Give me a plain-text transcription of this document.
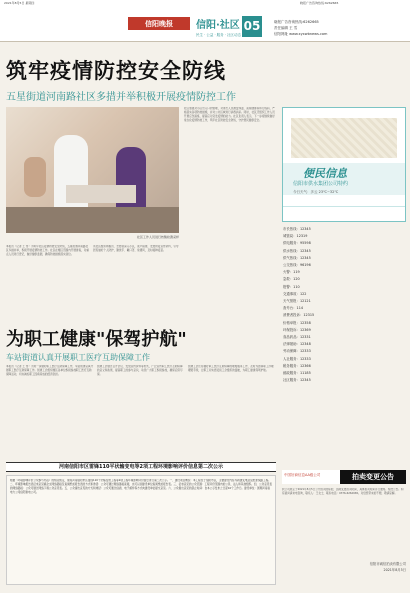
2021年8月5日 星期四	晓报广告咨询热线:6262665
信阳晚报	信阳·社区
民生 · 公益 · 服务 · 社区动态
05	晓报广告咨询热线:6262665
责任编辑 王 雪
信阳网址 www.xyxwbnews.com
筑牢疫情防控安全防线
五星街道河南路社区多措并举积极开展疫情防控工作
社区工作人员进行核酸检测采样
本报讯（记者 王 雪）为筑牢社区疫情防控安全防线，五星街道河南路社区多措并举，积极开展疫情防控工作。社区在辖区范围内开展排查，对重点人员进行登记，做好健康监测，确保防控措施落实到位。
该社区组织网格员、志愿者深入小区，逐户摸排，发放防疫宣传资料，引导居民做好个人防护，勤洗手、戴口罩、常通风，及时接种疫苗。
社区加强对小区出入口的管理，对进出人员测量体温、查验健康码和行程码，严格落实各项防控措施，并对公共区域进行消毒消杀。同时，社区还组织工作人员开展应急演练，提高应对突发疫情的能力。社区负责人表示，下一步将继续做好常态化疫情防控工作，筑牢社区防控安全防线，守护居民健康安全。
便民信息
信阳市供水集团公司特约
今日天气：多云 23℃~32℃
市长热线：12345
城管局：12319
供电服务：95598
供水热线：12345
供气热线：12345
公交热线：96196
火警：119
急救：120
报警：110
交通事故：122
天气预报：12121
查号台：114
消费者投诉：12315
价格举报：12358
环保投诉：12369
食品药品：12331
法律援助：12348
劳动保障：12333
人社服务：12333
税务服务：12366
邮政服务：11185
社区服务：12345
为职工健康"保驾护航"
车站街道认真开展职工医疗互助保障工作
本报讯（记者 王 雪）为进一步做好职工医疗互助保障工作，车站街道认真开展职工医疗互助保障工作。街道工会组织辖区各单位积极参加职工医疗互助保障活动，切实减轻职工因病造成的经济负担。
街道工会通过召开会议、发放宣传资料等形式，广泛宣传职工医疗互助保障的意义和政策，提高职工的参与意识，动员广大职工积极参加，确保应保尽保。
街道工会还将做好职工医疗互助保障的理赔服务工作，及时为患病职工办理理赔手续，让职工切实感受到工会组织的温暖，为职工健康保驾护航。
河南信阳市区雷锋110平状输变电等2项工程环境影响评价信息第二次公示
根据《环境影响评价公众参与办法》的相关规定，现将河南信阳市区雷锋110千伏输变电工程等2项工程环境影响评价信息进行第二次公示。一、建设项目概况：本工程位于信阳市区，主要建设内容为新建变电站及配套线路工程。二、环境影响报告表征求意见稿全文网络链接及查阅纸质报告表的方式和途径：公众可通过网络链接查阅，也可以到建设单位查阅纸质报告表。三、征求意见的公众范围：工程评价范围内的公民、法人和其他组织。四、公众意见表的网络链接：公众可通过网络下载公众意见表。五、公众提出意见的方式和途径：公众可通过信函、电子邮件等方式向建设单位提交意见。六、公众提出意见的起止时间：自本公示发布之日起10个工作日。建设单位：国网河南省电力公司信阳供电公司。
中国好商信息AA级公司	拍卖变更公告
我公司原定于2021年8月5日公开拍卖的标的，因故变更拍卖时间，具体拍卖时间另行通知。特此公告。如有疑问请来电咨询，联系人：王女士，联系电话：0376-6262665。对给您带来的不便，敬请谅解。
信阳市诚信拍卖有限公司
2021年8月5日
